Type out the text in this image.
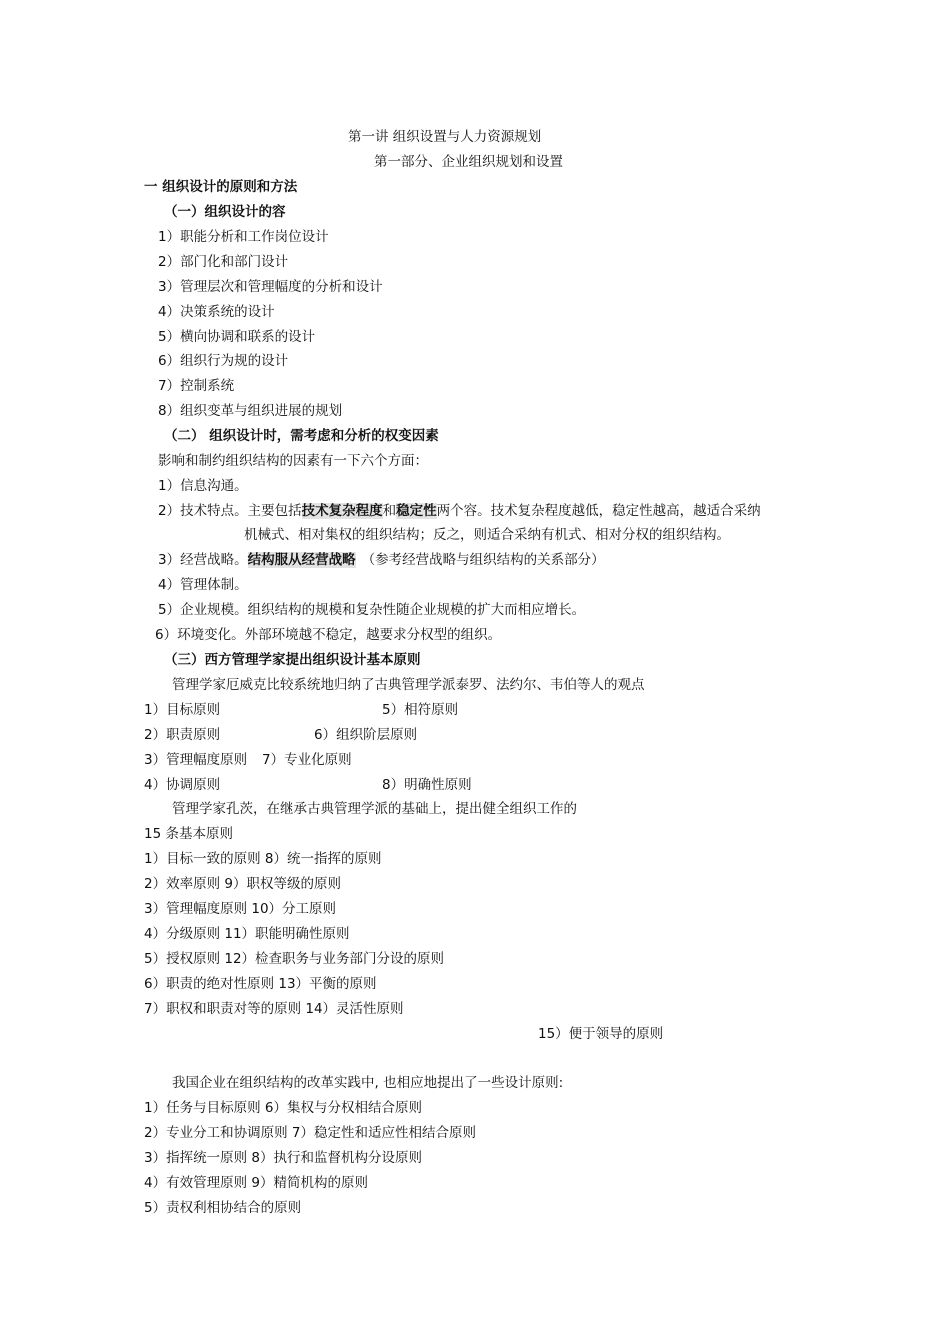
第一讲 组织设置与人力资源规划
第一部分、企业组织规划和设置
一 组织设计的原则和方法
（一）组织设计的容
1）职能分析和工作岗位设计
2）部门化和部门设计
3）管理层次和管理幅度的分析和设计
4）决策系统的设计
5）横向协调和联系的设计
6）组织行为规的设计
7）控制系统
8）组织变革与组织进展的规划
（二） 组织设计时，需考虑和分析的权变因素
影响和制约组织结构的因素有一下六个方面：
1）信息沟通。
2）技术特点。主要包括技术复杂程度和稳定性两个容。技术复杂程度越低，稳定性越高，越适合采纳
机械式、相对集权的组织结构；反之，则适合采纳有机式、相对分权的组织结构。
3）经营战略。结构服从经营战略 （参考经营战略与组织结构的关系部分）
4）管理体制。
5）企业规模。组织结构的规模和复杂性随企业规模的扩大而相应增长。
6）环境变化。外部环境越不稳定，越要求分权型的组织。
（三）西方管理学家提出组织设计基本原则
管理学家厄威克比较系统地归纳了古典管理学派泰罗、法约尔、韦伯等人的观点
1）目标原则	5）相符原则
2）职责原则	6）组织阶层原则
3）管理幅度原则 7）专业化原则
4）协调原则	8）明确性原则
管理学家孔茨，在继承古典管理学派的基础上，提出健全组织工作的
15 条基本原则
1）目标一致的原则 8）统一指挥的原则
2）效率原则 9）职权等级的原则
3）管理幅度原则 10）分工原则
4）分级原则 11）职能明确性原则
5）授权原则 12）检查职务与业务部门分设的原则
6）职责的绝对性原则 13）平衡的原则
7）职权和职责对等的原则 14）灵活性原则
15）便于领导的原则
我国企业在组织结构的改革实践中, 也相应地提出了一些设计原则:
1）任务与目标原则 6）集权与分权相结合原则
2）专业分工和协调原则 7）稳定性和适应性相结合原则
3）指挥统一原则 8）执行和监督机构分设原则
4）有效管理原则 9）精简机构的原则
5）责权利相协结合的原则
